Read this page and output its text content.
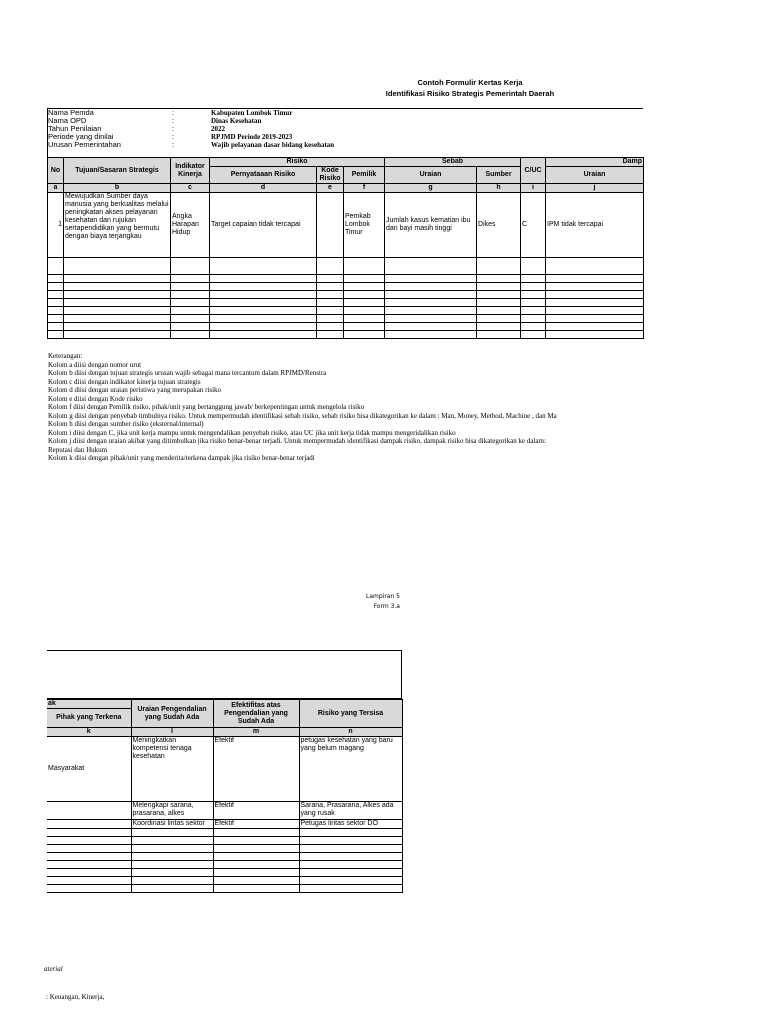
Contoh Formulir Kertas Kerja
Identifikasi Risiko Strategis Pemerintah Daerah
Nama Pemda	:	Kabupaten Lombok Timur
Nama OPD	:	Dinas Kesehatan
Tahun Penilaian	:	2022
Periode yang dinilai	:	RPJMD Periode 2019-2023
Urusan Pemerintahan	:	Wajib pelayanan dasar bidang kesehatan
No	Tujuan/Sasaran Strategis	Indikator Kinerja	Risiko			Sebab		C/UC	Damp
			Pernyataaan Risiko	Kode Risiko	Pemilik	Uraian	Sumber		Uraian
a	b	c	d	e	f	g	h	i	j
1	Mewujudkan Sumber daya manusia yang berkualitas melalui peningkatan akses pelayanan kesehatan dan rujukan sertapendidikan yang bermutu dengan biaya terjangkau	Angka Harapan Hidup	Target capaian tidak tercapai		Pemkab Lombok Timur	Jumlah kasus kematian ibu dan bayi masih tinggi	Dikes	C	IPM tidak tercapai

Keterangan:
Kolom a diisi dengan nomor urut
Kolom b diisi dengan tujuan strategis urusan wajib sebagai mana tercantum dalam RPJMD/Renstra
Kolom c diisi dengan indikator kinerja tujuan strategis
Kolom d diisi dengan uraian peristiwa yang merupakan risiko
Kolom e diisi dengan Kode risiko
Kolom f diisi dengan Pemilik risiko, pihak/unit yang bertanggung jawab/ berkepentingan untuk mengelola risiko
Kolom g diisi dengan penyebab timbulnya risiko. Untuk mempermudah identifikasi sebab risiko, sebab risiko bisa dikategorikan ke dalam : Man, Money, Method, Machine , dan Ma
Kolom h diisi dengan sumber risiko (eksternal/internal)
Kolom i diisi dengan C, jika unit kerja mampu untuk mengendalikan penyebab risiko, atau UC jika unit kerja tidak mampu mengeridalikan risiko
Kolom j diisi dengan uraian akibat yang ditimbulkan jika risiko benar-benar terjadi. Untuk mempermudah identifikasi dampak risiko, dampak risiko bisa dikategorikan ke dalam:
Reputasi dan Hukum
Kolom k diisi dengan pihak/unit yang menderita/terkena dampak jika risiko benar-benar terjadi
Lampiran 5
Form 3.a
ak	Uraian Pengendalian yang Sudah Ada	Efektifitas atas Pengendalian yang Sudah Ada	Risiko yang Tersisa
Pihak yang Terkena			
k	l	m	n
Masyarakat	Meningkatkan kompetensi tenaga kesehatan	Efektif	petugas kesehatan yang baru yang belum magang
	Melengkapi sarana, prasarana, alkes	Efektif	Sarana, Prasarana, Alkes ada yang rusak
	Koordinasi lintas sektor	Efektif	Petugas lintas sektor DO

aterial
: Keuangan, Kinerja,
